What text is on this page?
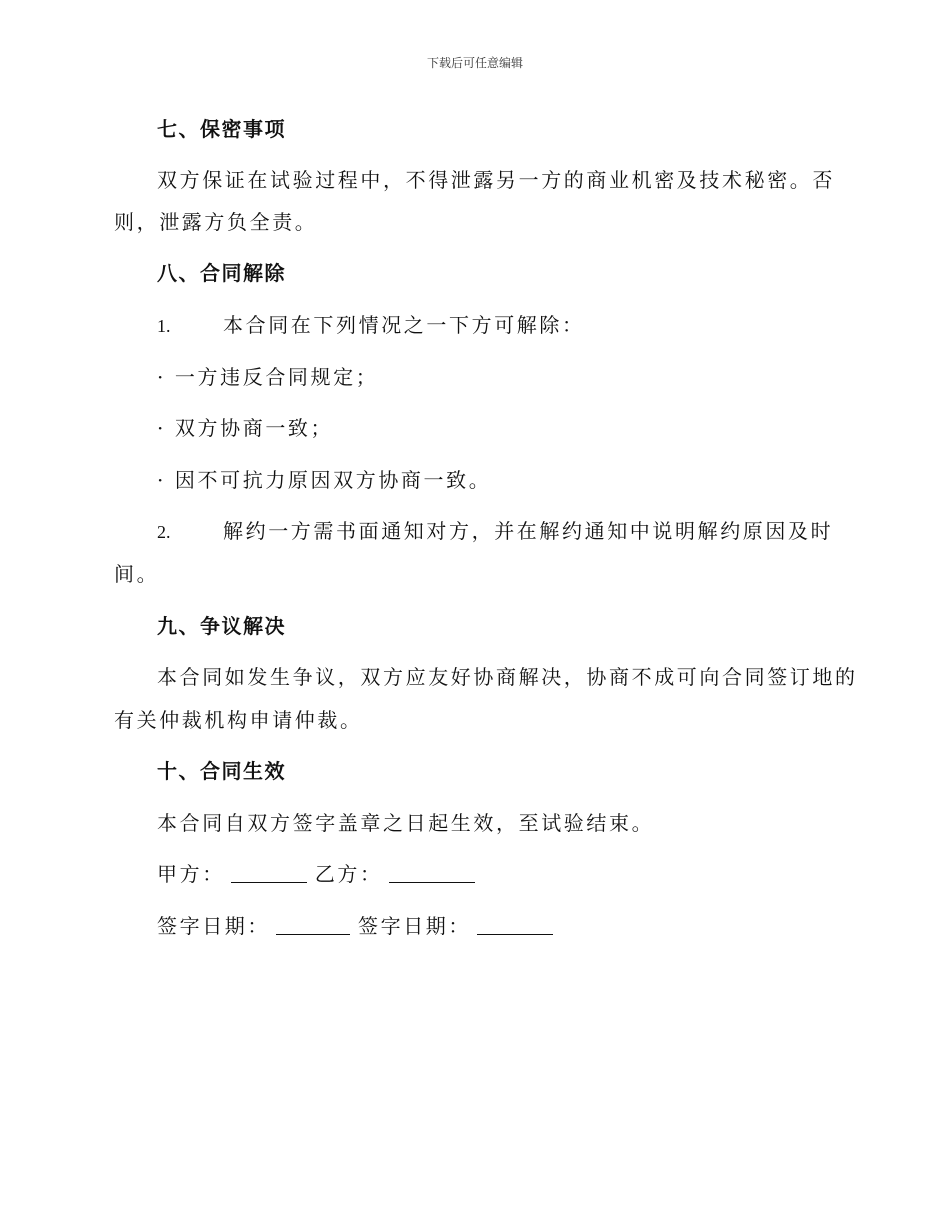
下载后可任意编辑
七、保密事项
双方保证在试验过程中，不得泄露另一方的商业机密及技术秘密。否
则，泄露方负全责。
八、合同解除
1.	本合同在下列情况之一下方可解除：
· 一方违反合同规定；
· 双方协商一致；
· 因不可抗力原因双方协商一致。
2.	解约一方需书面通知对方，并在解约通知中说明解约原因及时
间。
九、争议解决
本合同如发生争议，双方应友好协商解决，协商不成可向合同签订地的
有关仲裁机构申请仲裁。
十、合同生效
本合同自双方签字盖章之日起生效，至试验结束。
甲方：	乙方：
签字日期：	签字日期：
